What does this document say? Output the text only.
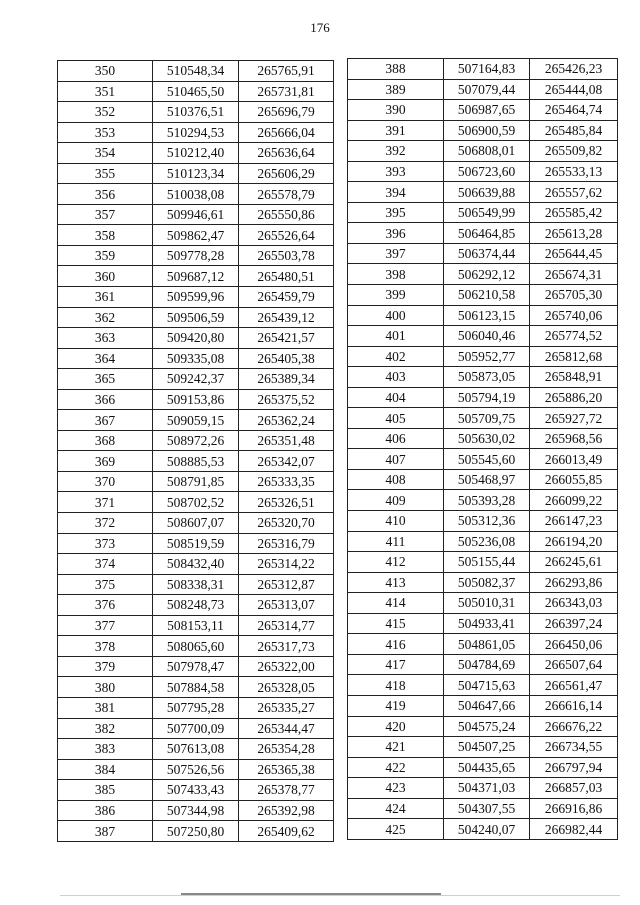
176
350	510548,34	265765,91
351	510465,50	265731,81
352	510376,51	265696,79
353	510294,53	265666,04
354	510212,40	265636,64
355	510123,34	265606,29
356	510038,08	265578,79
357	509946,61	265550,86
358	509862,47	265526,64
359	509778,28	265503,78
360	509687,12	265480,51
361	509599,96	265459,79
362	509506,59	265439,12
363	509420,80	265421,57
364	509335,08	265405,38
365	509242,37	265389,34
366	509153,86	265375,52
367	509059,15	265362,24
368	508972,26	265351,48
369	508885,53	265342,07
370	508791,85	265333,35
371	508702,52	265326,51
372	508607,07	265320,70
373	508519,59	265316,79
374	508432,40	265314,22
375	508338,31	265312,87
376	508248,73	265313,07
377	508153,11	265314,77
378	508065,60	265317,73
379	507978,47	265322,00
380	507884,58	265328,05
381	507795,28	265335,27
382	507700,09	265344,47
383	507613,08	265354,28
384	507526,56	265365,38
385	507433,43	265378,77
386	507344,98	265392,98
387	507250,80	265409,62
388	507164,83	265426,23
389	507079,44	265444,08
390	506987,65	265464,74
391	506900,59	265485,84
392	506808,01	265509,82
393	506723,60	265533,13
394	506639,88	265557,62
395	506549,99	265585,42
396	506464,85	265613,28
397	506374,44	265644,45
398	506292,12	265674,31
399	506210,58	265705,30
400	506123,15	265740,06
401	506040,46	265774,52
402	505952,77	265812,68
403	505873,05	265848,91
404	505794,19	265886,20
405	505709,75	265927,72
406	505630,02	265968,56
407	505545,60	266013,49
408	505468,97	266055,85
409	505393,28	266099,22
410	505312,36	266147,23
411	505236,08	266194,20
412	505155,44	266245,61
413	505082,37	266293,86
414	505010,31	266343,03
415	504933,41	266397,24
416	504861,05	266450,06
417	504784,69	266507,64
418	504715,63	266561,47
419	504647,66	266616,14
420	504575,24	266676,22
421	504507,25	266734,55
422	504435,65	266797,94
423	504371,03	266857,03
424	504307,55	266916,86
425	504240,07	266982,44
